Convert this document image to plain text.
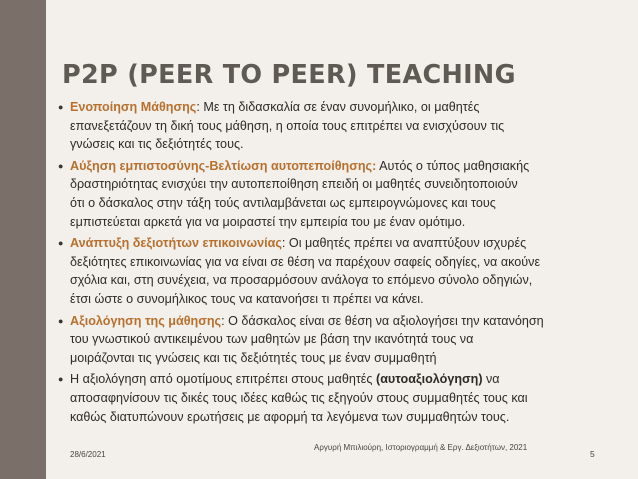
P2P (PEER TO PEER) TEACHING
● Ενοποίηση Μάθησης: Με τη διδασκαλία σε έναν συνομήλικο, οι μαθητές
επανεξετάζουν τη δική τους μάθηση, η οποία τους επιτρέπει να ενισχύσουν τις
γνώσεις και τις δεξιότητές τους.
● Αύξηση εμπιστοσύνης-Βελτίωση αυτοπεποίθησης: Αυτός ο τύπος μαθησιακής
δραστηριότητας ενισχύει την αυτοπεποίθηση επειδή οι μαθητές συνειδητοποιούν
ότι ο δάσκαλος στην τάξη τούς αντιλαμβάνεται ως εμπειρογνώμονες και τους
εμπιστεύεται αρκετά για να μοιραστεί την εμπειρία του με έναν ομότιμο.
● Ανάπτυξη δεξιοτήτων επικοινωνίας: Οι μαθητές πρέπει να αναπτύξουν ισχυρές
δεξιότητες επικοινωνίας για να είναι σε θέση να παρέχουν σαφείς οδηγίες, να ακούνε
σχόλια και, στη συνέχεια, να προσαρμόσουν ανάλογα το επόμενο σύνολο οδηγιών,
έτσι ώστε ο συνομήλικος τους να κατανοήσει τι πρέπει να κάνει.
● Αξιολόγηση της μάθησης: Ο δάσκαλος είναι σε θέση να αξιολογήσει την κατανόηση
του γνωστικού αντικειμένου των μαθητών με βάση την ικανότητά τους να
μοιράζονται τις γνώσεις και τις δεξιότητές τους με έναν συμμαθητή
● Η αξιολόγηση από ομοτίμους επιτρέπει στους μαθητές (αυτοαξιολόγηση) να
αποσαφηνίσουν τις δικές τους ιδέες καθώς τις εξηγούν στους συμμαθητές τους και
καθώς διατυπώνουν ερωτήσεις με αφορμή τα λεγόμενα των συμμαθητών τους.
28/6/2021
Αργυρή Μπιλιούρη, Ιστοριογραμμή & Εργ. Δεξιοτήτων, 2021
5
